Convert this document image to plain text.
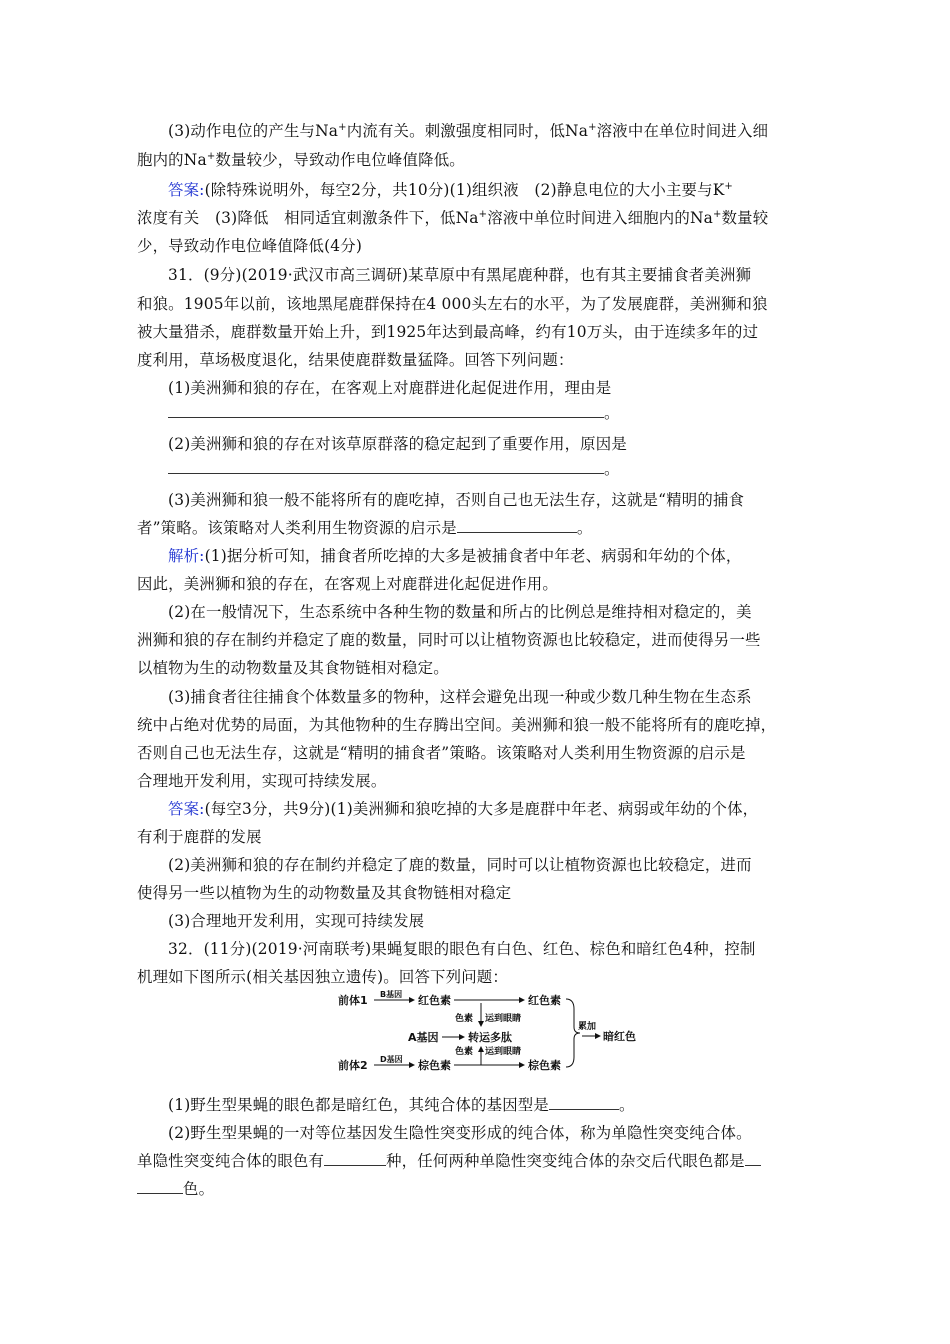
(3)动作电位的产生与Na+内流有关。刺激强度相同时，低Na+溶液中在单位时间进入细
胞内的Na+数量较少，导致动作电位峰值降低。
答案:(除特殊说明外，每空2分，共10分)(1)组织液　(2)静息电位的大小主要与K+
浓度有关　(3)降低　相同适宜刺激条件下，低Na+溶液中单位时间进入细胞内的Na+数量较
少，导致动作电位峰值降低(4分)
31．(9分)(2019·武汉市高三调研)某草原中有黑尾鹿种群，也有其主要捕食者美洲狮
和狼。1905年以前，该地黑尾鹿群保持在4 000头左右的水平，为了发展鹿群，美洲狮和狼
被大量猎杀，鹿群数量开始上升，到1925年达到最高峰，约有10万头，由于连续多年的过
度利用，草场极度退化，结果使鹿群数量猛降。回答下列问题：
(1)美洲狮和狼的存在，在客观上对鹿群进化起促进作用，理由是
。
(2)美洲狮和狼的存在对该草原群落的稳定起到了重要作用，原因是
。
(3)美洲狮和狼一般不能将所有的鹿吃掉，否则自己也无法生存，这就是“精明的捕食
者”策略。该策略对人类利用生物资源的启示是	。
解析:(1)据分析可知，捕食者所吃掉的大多是被捕食者中年老、病弱和年幼的个体，
因此，美洲狮和狼的存在，在客观上对鹿群进化起促进作用。
(2)在一般情况下，生态系统中各种生物的数量和所占的比例总是维持相对稳定的，美
洲狮和狼的存在制约并稳定了鹿的数量，同时可以让植物资源也比较稳定，进而使得另一些
以植物为生的动物数量及其食物链相对稳定。
(3)捕食者往往捕食个体数量多的物种，这样会避免出现一种或少数几种生物在生态系
统中占绝对优势的局面，为其他物种的生存腾出空间。美洲狮和狼一般不能将所有的鹿吃掉，
否则自己也无法生存，这就是“精明的捕食者”策略。该策略对人类利用生物资源的启示是
合理地开发利用，实现可持续发展。
答案:(每空3分，共9分)(1)美洲狮和狼吃掉的大多是鹿群中年老、病弱或年幼的个体，
有利于鹿群的发展
(2)美洲狮和狼的存在制约并稳定了鹿的数量，同时可以让植物资源也比较稳定，进而
使得另一些以植物为生的动物数量及其食物链相对稳定
(3)合理地开发利用，实现可持续发展
32．(11分)(2019·河南联考)果蝇复眼的眼色有白色、红色、棕色和暗红色4种，控制
机理如下图所示(相关基因独立遗传)。回答下列问题：
前体1 B基因 红色素	红色素
色素 运到眼睛
A基因	转运多肽
色素 运到眼睛
前体2 D基因 棕色素	棕色素
累加
暗红色
(1)野生型果蝇的眼色都是暗红色，其纯合体的基因型是	。
(2)野生型果蝇的一对等位基因发生隐性突变形成的纯合体，称为单隐性突变纯合体。
单隐性突变纯合体的眼色有	种，任何两种单隐性突变纯合体的杂交后代眼色都是
色。
